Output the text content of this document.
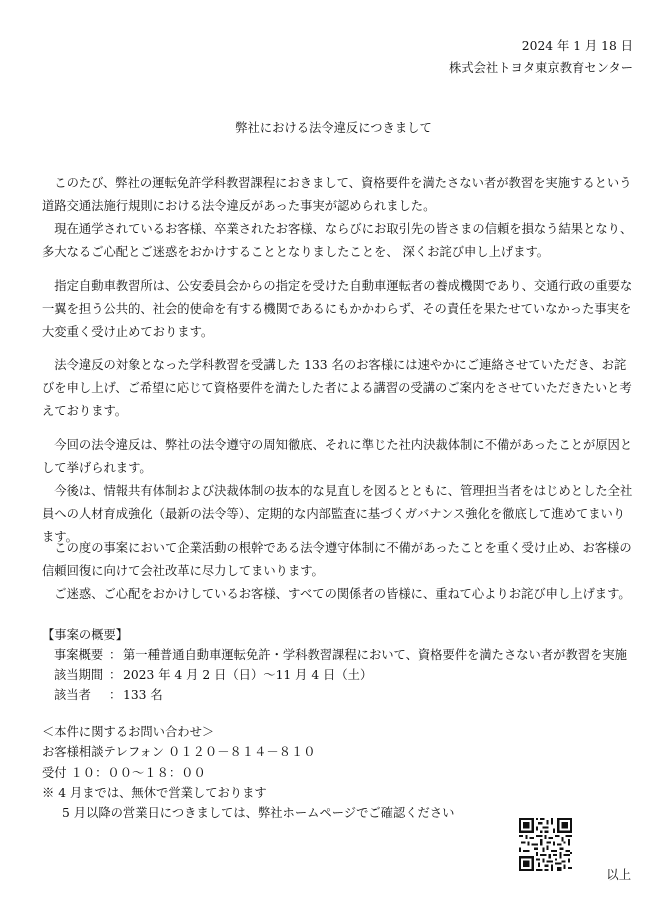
2024 年 1 月 18 日
株式会社トヨタ東京教育センター
弊社における法令違反につきまして

　このたび、弊社の運転免許学科教習課程におきまして、資格要件を満たさない者が教習を実施するという道路交通法施行規則における法令違反があった事実が認められました。

　現在通学されているお客様、卒業されたお客様、ならびにお取引先の皆さまの信頼を損なう結果となり、多大なるご心配とご迷惑をおかけすることとなりましたことを、 深くお詫び申し上げます。

　指定自動車教習所は、公安委員会からの指定を受けた自動車運転者の養成機関であり、交通行政の重要な一翼を担う公共的、社会的使命を有する機関であるにもかかわらず、その責任を果たせていなかった事実を大変重く受け止めております。

　法令違反の対象となった学科教習を受講した 133 名のお客様には速やかにご連絡させていただき、お詫びを申し上げ、ご希望に応じて資格要件を満たした者による講習の受講のご案内をさせていただきたいと考えております。

　今回の法令違反は、弊社の法令遵守の周知徹底、それに準じた社内決裁体制に不備があったことが原因として挙げられます。

　今後は、情報共有体制および決裁体制の抜本的な見直しを図るとともに、管理担当者をはじめとした全社員への人材育成強化（最新の法令等）、定期的な内部監査に基づくガバナンス強化を徹底して進めてまいります。

　この度の事案において企業活動の根幹である法令遵守体制に不備があったことを重く受け止め、お客様の信頼回復に向けて会社改革に尽力してまいります。

　ご迷惑、ご心配をおかけしているお客様、すべての関係者の皆様に、重ねて心よりお詫び申し上げます。

【事案の概要】
事案概要 ： 第一種普通自動車運転免許・学科教習課程において、資格要件を満たさない者が教習を実施
該当期間 ： 2023 年 4 月 2 日（日）～11 月 4 日（土）
該当者 ： 133 名
＜本件に関するお問い合わせ＞
お客様相談テレフォン ０１２０－８１４－８１０
受付 １０：００～１８：００
※ 4 月までは、無休で営業しております
5 月以降の営業日につきましては、弊社ホームページでご確認ください
以上
